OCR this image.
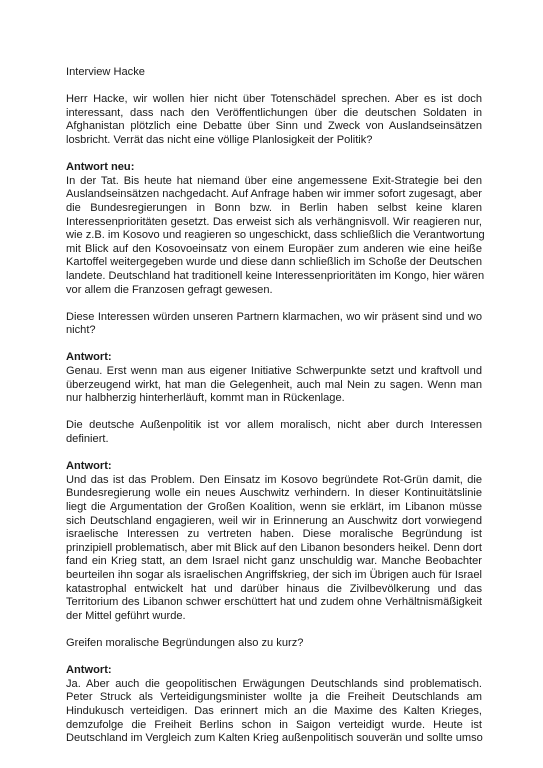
Interview Hacke
Herr Hacke, wir wollen hier nicht über Totenschädel sprechen. Aber es ist doch
interessant, dass nach den Veröffentlichungen über die deutschen Soldaten in
Afghanistan plötzlich eine Debatte über Sinn und Zweck von Auslandseinsätzen
losbricht. Verrät das nicht eine völlige Planlosigkeit der Politik?
Antwort neu:
In der Tat. Bis heute hat niemand über eine angemessene Exit-Strategie bei den
Auslandseinsätzen nachgedacht. Auf Anfrage haben wir immer sofort zugesagt, aber
die Bundesregierungen in Bonn bzw. in Berlin haben selbst keine klaren
Interessenprioritäten gesetzt. Das erweist sich als verhängnisvoll. Wir reagieren nur,
wie z.B. im Kosovo und reagieren so ungeschickt, dass schließlich die Verantwortung
mit Blick auf den Kosovoeinsatz von einem Europäer zum anderen wie eine heiße
Kartoffel weitergegeben wurde und diese dann schließlich im Schoße der Deutschen
landete. Deutschland hat traditionell keine Interessenprioritäten im Kongo, hier wären
vor allem die Franzosen gefragt gewesen.
Diese Interessen würden unseren Partnern klarmachen, wo wir präsent sind und wo
nicht?
Antwort:
Genau. Erst wenn man aus eigener Initiative Schwerpunkte setzt und kraftvoll und
überzeugend wirkt, hat man die Gelegenheit, auch mal Nein zu sagen. Wenn man
nur halbherzig hinterherläuft, kommt man in Rückenlage.
Die deutsche Außenpolitik ist vor allem moralisch, nicht aber durch Interessen
definiert.
Antwort:
Und das ist das Problem. Den Einsatz im Kosovo begründete Rot-Grün damit, die
Bundesregierung wolle ein neues Auschwitz verhindern. In dieser Kontinuitätslinie
liegt die Argumentation der Großen Koalition, wenn sie erklärt, im Libanon müsse
sich Deutschland engagieren, weil wir in Erinnerung an Auschwitz dort vorwiegend
israelische Interessen zu vertreten haben. Diese moralische Begründung ist
prinzipiell problematisch, aber mit Blick auf den Libanon besonders heikel. Denn dort
fand ein Krieg statt, an dem Israel nicht ganz unschuldig war. Manche Beobachter
beurteilen ihn sogar als israelischen Angriffskrieg, der sich im Übrigen auch für Israel
katastrophal entwickelt hat und darüber hinaus die Zivilbevölkerung und das
Territorium des Libanon schwer erschüttert hat und zudem ohne Verhältnismäßigkeit
der Mittel geführt wurde.
Greifen moralische Begründungen also zu kurz?
Antwort:
Ja. Aber auch die geopolitischen Erwägungen Deutschlands sind problematisch.
Peter Struck als Verteidigungsminister wollte ja die Freiheit Deutschlands am
Hindukusch verteidigen. Das erinnert mich an die Maxime des Kalten Krieges,
demzufolge die Freiheit Berlins schon in Saigon verteidigt wurde. Heute ist
Deutschland im Vergleich zum Kalten Krieg außenpolitisch souverän und sollte umso
